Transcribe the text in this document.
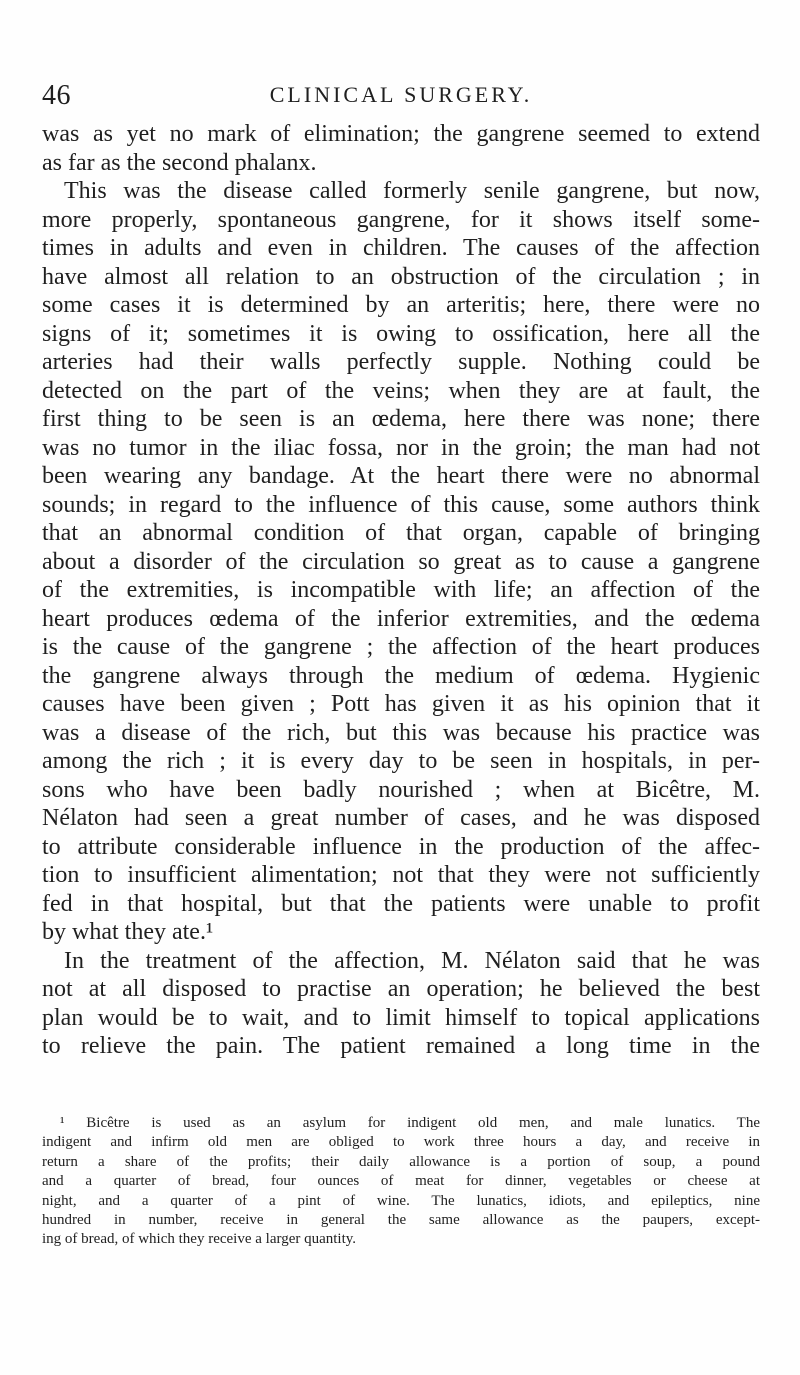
46	CLINICAL SURGERY.
was as yet no mark of elimination; the gangrene seemed to extend
as far as the second phalanx.
This was the disease called formerly senile gangrene, but now,
more properly, spontaneous gangrene, for it shows itself some-
times in adults and even in children. The causes of the affection
have almost all relation to an obstruction of the circulation ; in
some cases it is determined by an arteritis; here, there were no
signs of it; sometimes it is owing to ossification, here all the
arteries had their walls perfectly supple. Nothing could be
detected on the part of the veins; when they are at fault, the
first thing to be seen is an œdema, here there was none; there
was no tumor in the iliac fossa, nor in the groin; the man had not
been wearing any bandage. At the heart there were no abnormal
sounds; in regard to the influence of this cause, some authors think
that an abnormal condition of that organ, capable of bringing
about a disorder of the circulation so great as to cause a gangrene
of the extremities, is incompatible with life; an affection of the
heart produces œdema of the inferior extremities, and the œdema
is the cause of the gangrene ; the affection of the heart produces
the gangrene always through the medium of œdema. Hygienic
causes have been given ; Pott has given it as his opinion that it
was a disease of the rich, but this was because his practice was
among the rich ; it is every day to be seen in hospitals, in per-
sons who have been badly nourished ; when at Bicêtre, M.
Nélaton had seen a great number of cases, and he was disposed
to attribute considerable influence in the production of the affec-
tion to insufficient alimentation; not that they were not sufficiently
fed in that hospital, but that the patients were unable to profit
by what they ate.¹
In the treatment of the affection, M. Nélaton said that he was
not at all disposed to practise an operation; he believed the best
plan would be to wait, and to limit himself to topical applications
to relieve the pain. The patient remained a long time in the
¹ Bicêtre is used as an asylum for indigent old men, and male lunatics. The
indigent and infirm old men are obliged to work three hours a day, and receive in
return a share of the profits; their daily allowance is a portion of soup, a pound
and a quarter of bread, four ounces of meat for dinner, vegetables or cheese at
night, and a quarter of a pint of wine. The lunatics, idiots, and epileptics, nine
hundred in number, receive in general the same allowance as the paupers, except-
ing of bread, of which they receive a larger quantity.
